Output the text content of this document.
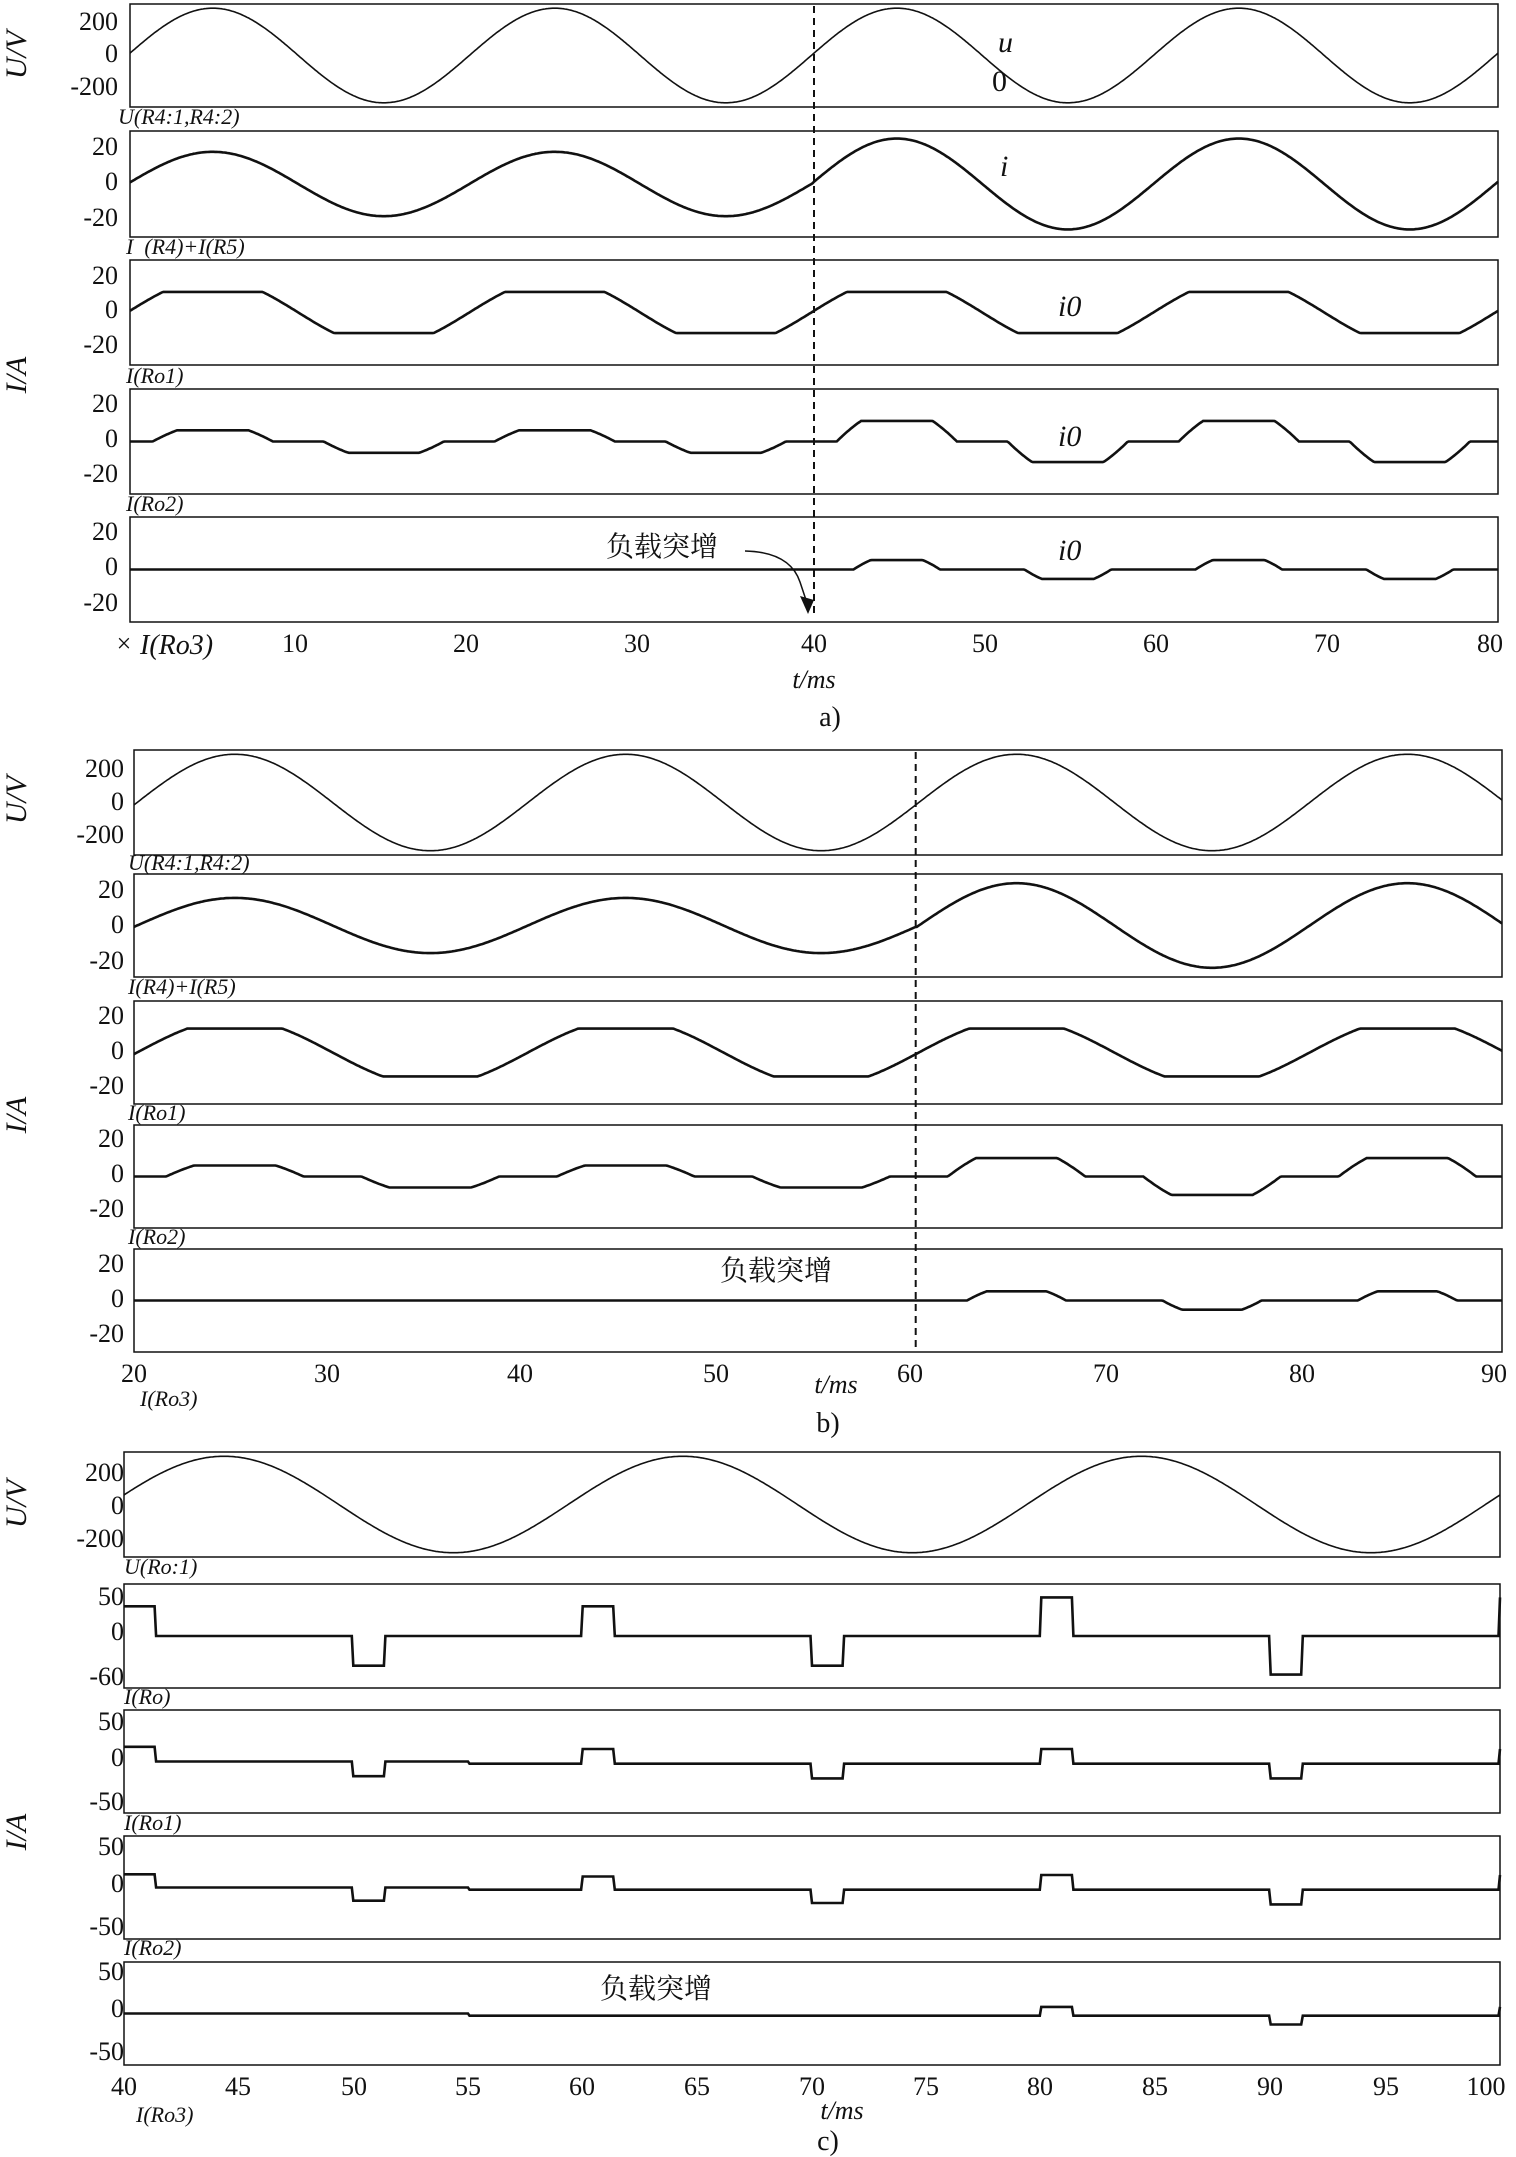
U/V
I/A
200
0
-200
20
0
-20
20
0
-20
20
0
-20
20
0
-20
u
0
i
i0
i0
i0
负载突增
U(R4:1,R4:2)
I  (R4)+I(R5)
I(Ro1)
I(Ro2)
I(Ro3)
×	10	20	30	40	50	60	70	80
t/ms
a)
U/V
I/A
200
0
-200
20
0
-20
20
0
-20
20
0
-20
20
0
-20
负载突增
U(R4:1,R4:2)
I(R4)+I(R5)
I(Ro1)
I(Ro2)
I(Ro3)
20	30	40	50	60	70	80	90
t/ms
b)
U/V
I/A
200
0
-200
50
0
-60
50
0
-50
50
0
-50
50
0
-50
负载突增
U(Ro:1)
I(Ro)
I(Ro1)
I(Ro2)
I(Ro3)
40	45	50	55	60	65	70	75	80	85	90	95	100
t/ms
c)
